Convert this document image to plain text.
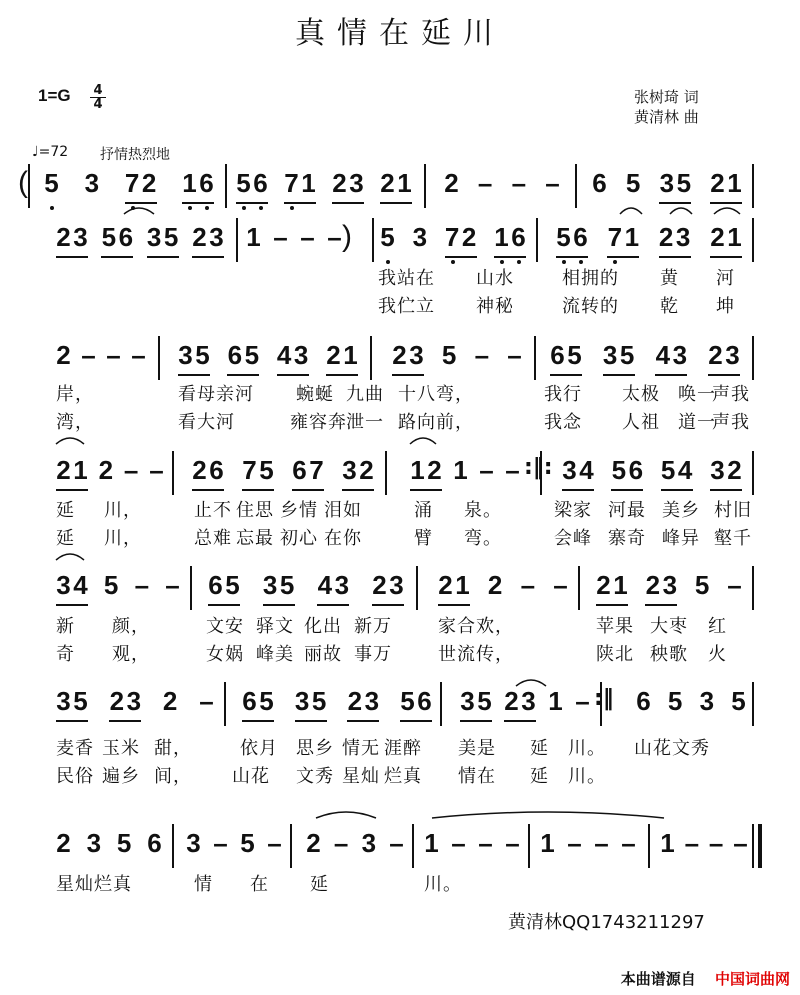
真情在延川
$1=G \frac{4}{4}$	张树琦 词
黄清林 曲
♩=72 抒情热烈地
5 3 7 2 1 6 5 6 7 1 2 3 2 1 2 – – – 6 5 3 5 2 1
2 3 5 6 3 5 2 3 1 – – – 5 3 7 2 1 6 5 6 7 1 2 3 2 1
2 – – – 3 5 6 5 4 3 2 1 2 3 5 – – 6 5 3 5 4 3 2 3
2 1 2 – – 2 6 7 5 6 7 3 2 1 2 1 – – 3 4 5 6 5 4 3 2
3 4 5 – – 6 5 3 5 4 3 2 3 2 1 2 – – 2 1 2 3 5 –
3 5 2 3 2 – 6 5 3 5 2 3 5 6 3 5 2 3 1 – 6 5 3 5
2 3 5 6 3 – 5 – 2 – 3 – 1 – – – 1 – – – 1 – – –
(
)
:‖:
:‖
我站在 山水	相拥的 黄 河
我伫立 神秘	流转的 乾 坤
岸，	看母亲河 蜿蜒 九曲 十八弯，	我行 太极 唤一
声我
湾，	看大河	雍容奔 泄一 路向前，	我念 人祖 道一
声我
延 川，	止不 住思 乡情 泪如	涌 泉。	梁家 河最 美乡 村旧
延 川，	总难 忘最 初心 在你	臂 弯。	会峰 寨奇 峰异 壑千
新 颜，	文安 驿文 化出 新万	家合欢，	苹果 大枣 红
奇 观，	女娲 峰美 丽故 事万	世流传，	陕北 秧歌 火
麦香 玉米 甜，	依月 思乡 情无 涯醉 美是 延 川。 山花文秀
民俗 遍乡 间， 山花 文秀 星灿 烂真 情在 延 川。
星灿烂真	情 在 延	川。
黄清林QQ1743211297
本曲谱源自 中国词曲网
